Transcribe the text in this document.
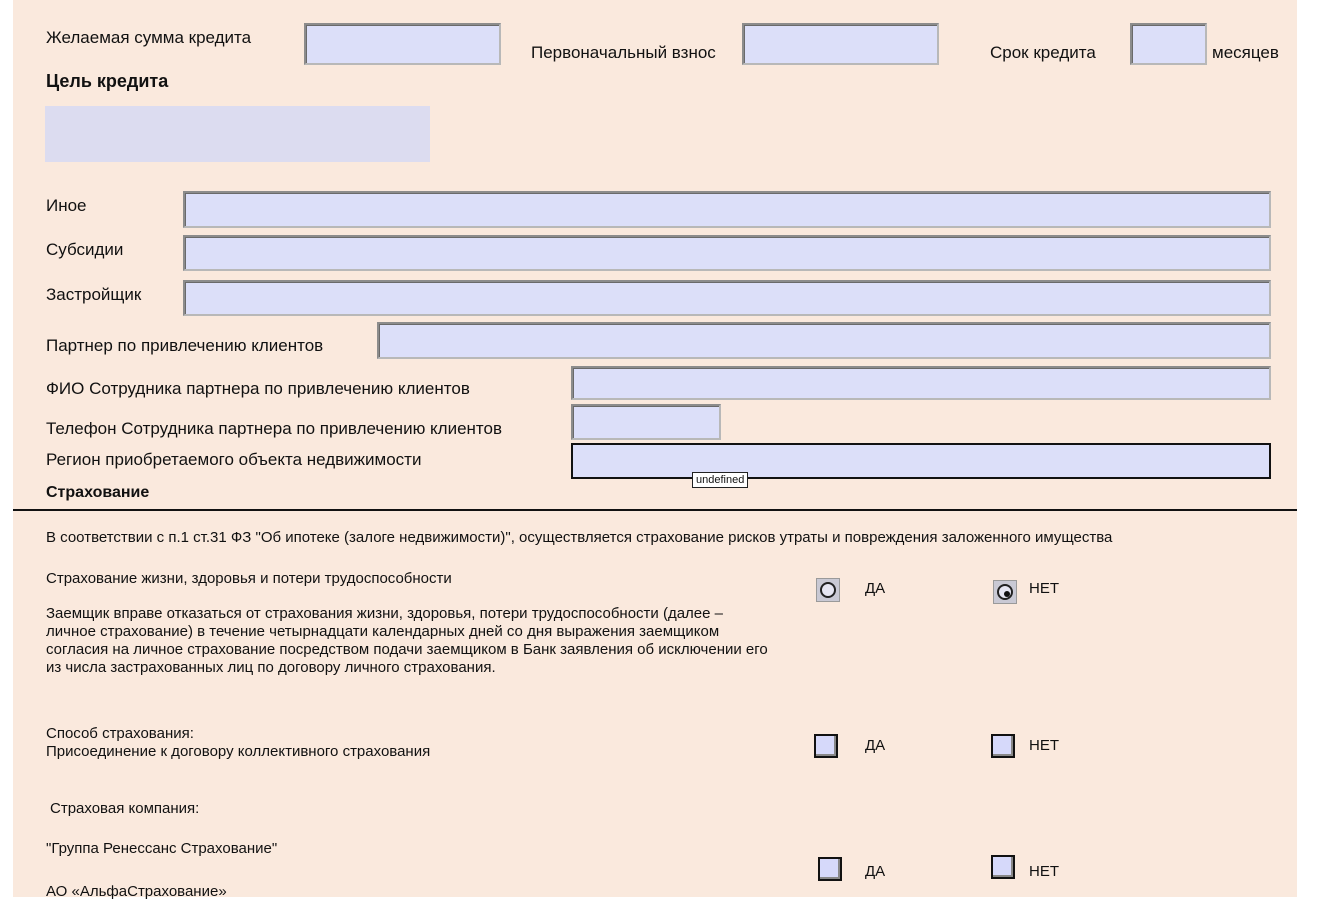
Желаемая сумма кредита
Первоначальный взнос	Срок кредита	месяцев
Цель кредита
Иное
Субсидии
Застройщик
Партнер по привлечению клиентов
ФИО Сотрудника партнера по привлечению клиентов
Телефон Сотрудника партнера по привлечению клиентов
Регион приобретаемого объекта недвижимости
undefined
Страхование
В соответствии с п.1 ст.31 ФЗ "Об ипотеке (залоге недвижимости)", осуществляется страхование рисков утраты и повреждения заложенного имущества
Страхование жизни, здоровья и потери трудоспособности
ДА	НЕТ
Заемщик вправе отказаться от страхования жизни, здоровья, потери трудоспособности (далее – личное страхование) в течение четырнадцати календарных дней со дня выражения заемщиком согласия на личное страхование посредством подачи заемщиком в Банк заявления об исключении его из числа застрахованных лиц по договору личного страхования.
Способ страхования:
Присоединение к договору коллективного страхования	ДА	НЕТ
Страховая компания:
"Группа Ренессанс Страхование"
ДА	НЕТ
АО «АльфаСтрахование»
